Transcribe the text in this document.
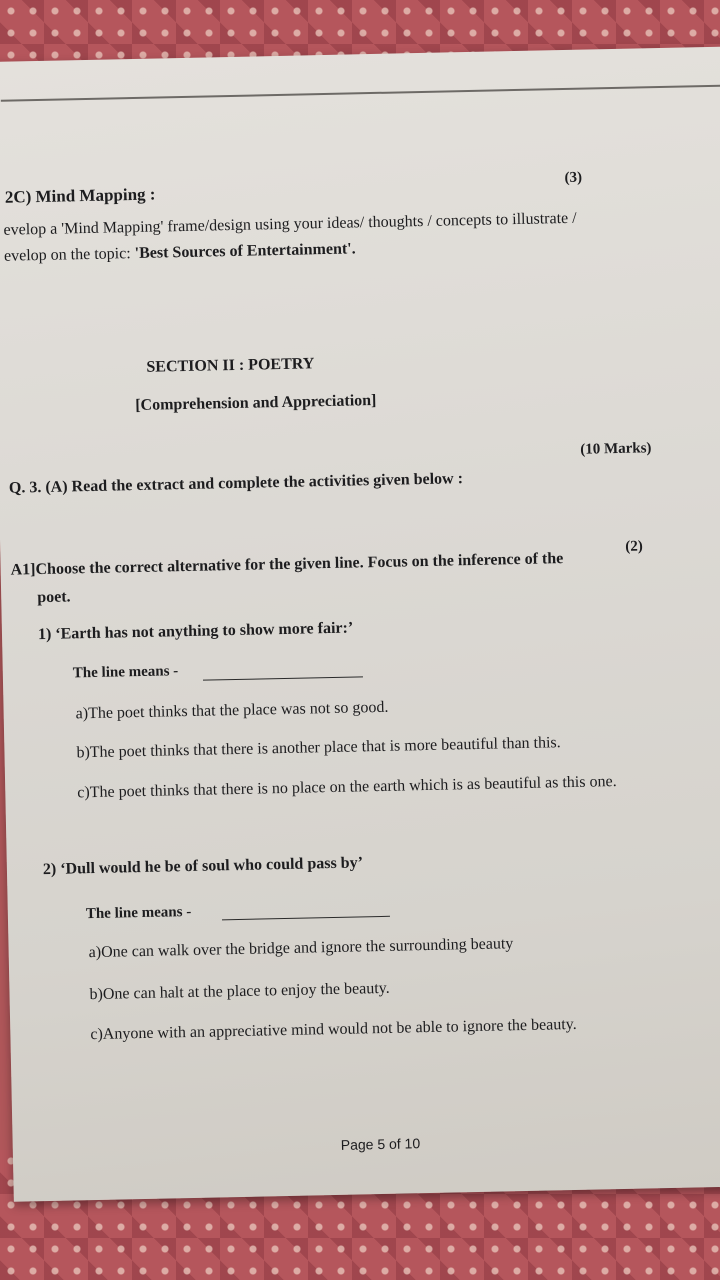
2C) Mind Mapping :
(3)
evelop a 'Mind Mapping' frame/design using your ideas/ thoughts / concepts to illustrate /
evelop on the topic: 'Best Sources of Entertainment'.
SECTION II : POETRY
[Comprehension and Appreciation]
Q. 3. (A) Read the extract and complete the activities given below :
(10 Marks)
A1]Choose the correct alternative for the given line. Focus on the inference of the
poet.
(2)
1) ‘Earth has not anything to show more fair:’
The line means -
a)The poet thinks that the place was not so good.
b)The poet thinks that there is another place that is more beautiful than this.
c)The poet thinks that there is no place on the earth which is as beautiful as this one.
2) ‘Dull would he be of soul who could pass by’
The line means -
a)One can walk over the bridge and ignore the surrounding beauty
b)One can halt at the place to enjoy the beauty.
c)Anyone with an appreciative mind would not be able to ignore the beauty.
Page 5 of 10
